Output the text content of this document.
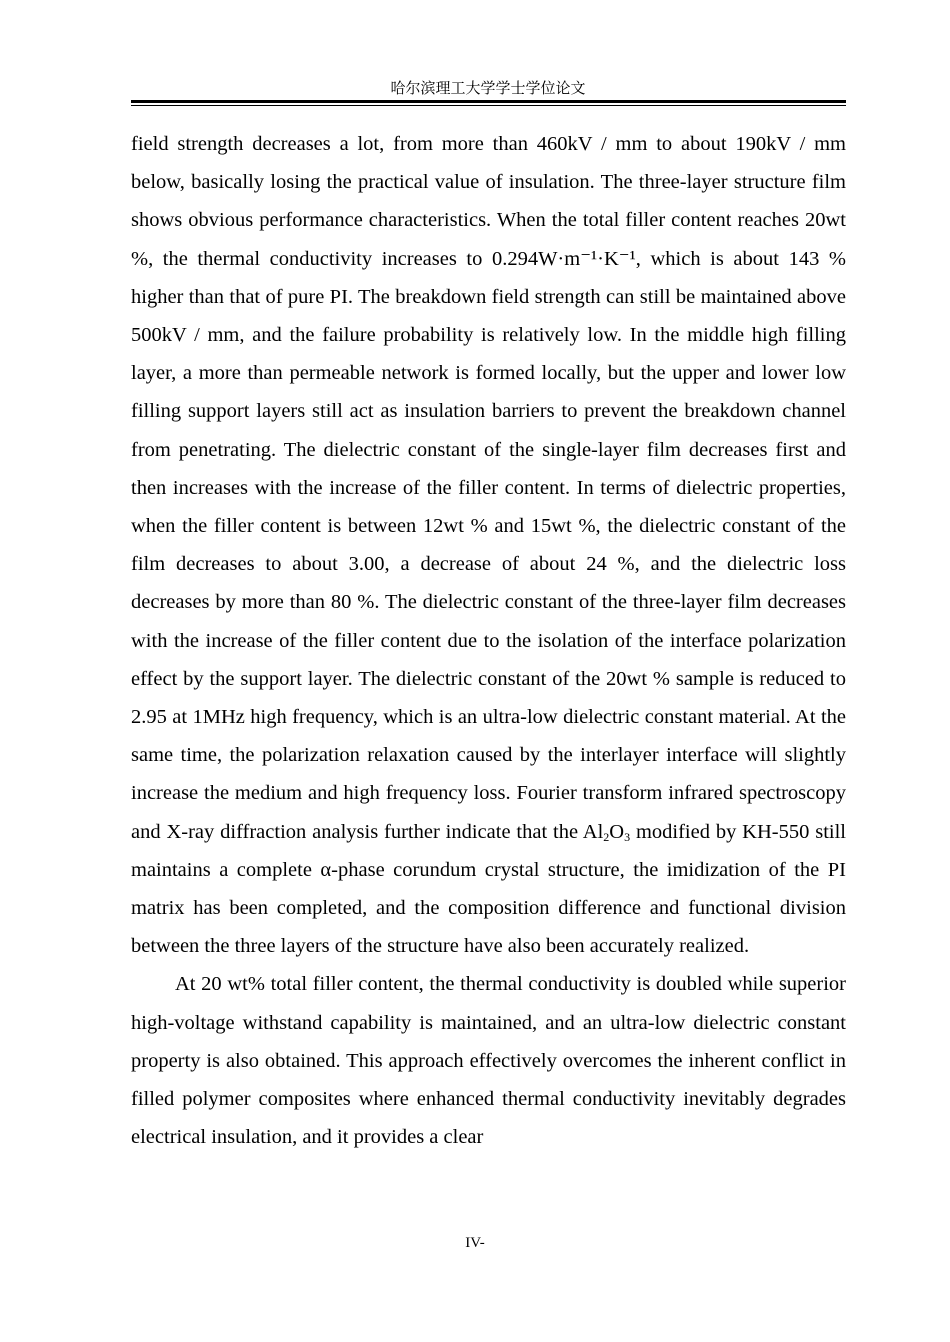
哈尔滨理工大学学士学位论文

field strength decreases a lot, from more than 460kV / mm to about 190kV / mm below, basically losing the practical value of insulation. The three-layer structure film shows obvious performance characteristics. When the total filler content reaches 20wt %, the thermal conductivity increases to 0.294W·m⁻¹·K⁻¹, which is about 143 % higher than that of pure PI. The breakdown field strength can still be maintained above 500kV / mm, and the failure probability is relatively low. In the middle high filling layer, a more than permeable network is formed locally, but the upper and lower low filling support layers still act as insulation barriers to prevent the breakdown channel from penetrating. The dielectric constant of the single-layer film decreases first and then increases with the increase of the filler content. In terms of dielectric properties, when the filler content is between 12wt % and 15wt %, the dielectric constant of the film decreases to about 3.00, a decrease of about 24 %, and the dielectric loss decreases by more than 80 %. The dielectric constant of the three-layer film decreases with the increase of the filler content due to the isolation of the interface polarization effect by the support layer. The dielectric constant of the 20wt % sample is reduced to 2.95 at 1MHz high frequency, which is an ultra-low dielectric constant material. At the same time, the polarization relaxation caused by the interlayer interface will slightly increase the medium and high frequency loss. Fourier transform infrared spectroscopy and X-ray diffraction analysis further indicate that the $Al_2O_3$ modified by KH-550 still maintains a complete α-phase corundum crystal structure, the imidization of the PI matrix has been completed, and the composition difference and functional division between the three layers of the structure have also been accurately realized.

At 20 wt% total filler content, the thermal conductivity is doubled while superior high-voltage withstand capability is maintained, and an ultra-low dielectric constant property is also obtained. This approach effectively overcomes the inherent conflict in filled polymer composites where enhanced thermal conductivity inevitably degrades electrical insulation, and it provides a clear

IV-
